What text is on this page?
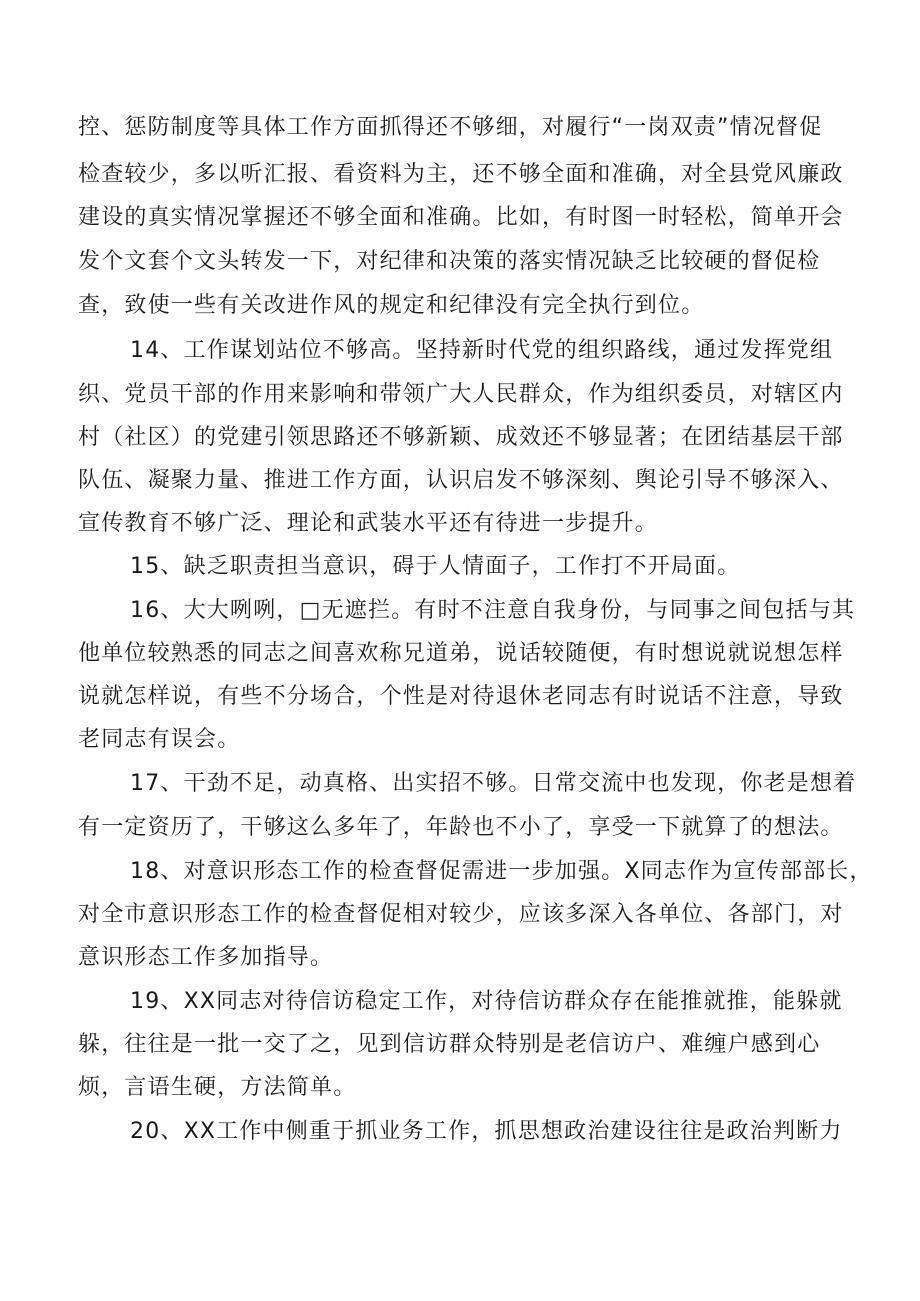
控、惩防制度等具体工作方面抓得还不够细，对履行“一岗双责”情况督促
检查较少，多以听汇报、看资料为主，还不够全面和准确，对全县党风廉政
建设的真实情况掌握还不够全面和准确。比如，有时图一时轻松，简单开会
发个文套个文头转发一下，对纪律和决策的落实情况缺乏比较硬的督促检
查，致使一些有关改进作风的规定和纪律没有完全执行到位。
14、工作谋划站位不够高。坚持新时代党的组织路线，通过发挥党组
织、党员干部的作用来影响和带领广大人民群众，作为组织委员，对辖区内
村（社区）的党建引领思路还不够新颖、成效还不够显著；在团结基层干部
队伍、凝聚力量、推进工作方面，认识启发不够深刻、舆论引导不够深入、
宣传教育不够广泛、理论和武装水平还有待进一步提升。
15、缺乏职责担当意识，碍于人情面子，工作打不开局面。
16、大大咧咧，□无遮拦。有时不注意自我身份，与同事之间包括与其
他单位较熟悉的同志之间喜欢称兄道弟，说话较随便，有时想说就说想怎样
说就怎样说，有些不分场合，个性是对待退休老同志有时说话不注意，导致
老同志有误会。
17、干劲不足，动真格、出实招不够。日常交流中也发现，你老是想着
有一定资历了，干够这么多年了，年龄也不小了，享受一下就算了的想法。
18、对意识形态工作的检查督促需进一步加强。X同志作为宣传部部长，
对全市意识形态工作的检查督促相对较少，应该多深入各单位、各部门，对
意识形态工作多加指导。
19、XX同志对待信访稳定工作，对待信访群众存在能推就推，能躲就
躲，往往是一批一交了之，见到信访群众特别是老信访户、难缠户感到心
烦，言语生硬，方法简单。
20、XX工作中侧重于抓业务工作，抓思想政治建设往往是政治判断力
